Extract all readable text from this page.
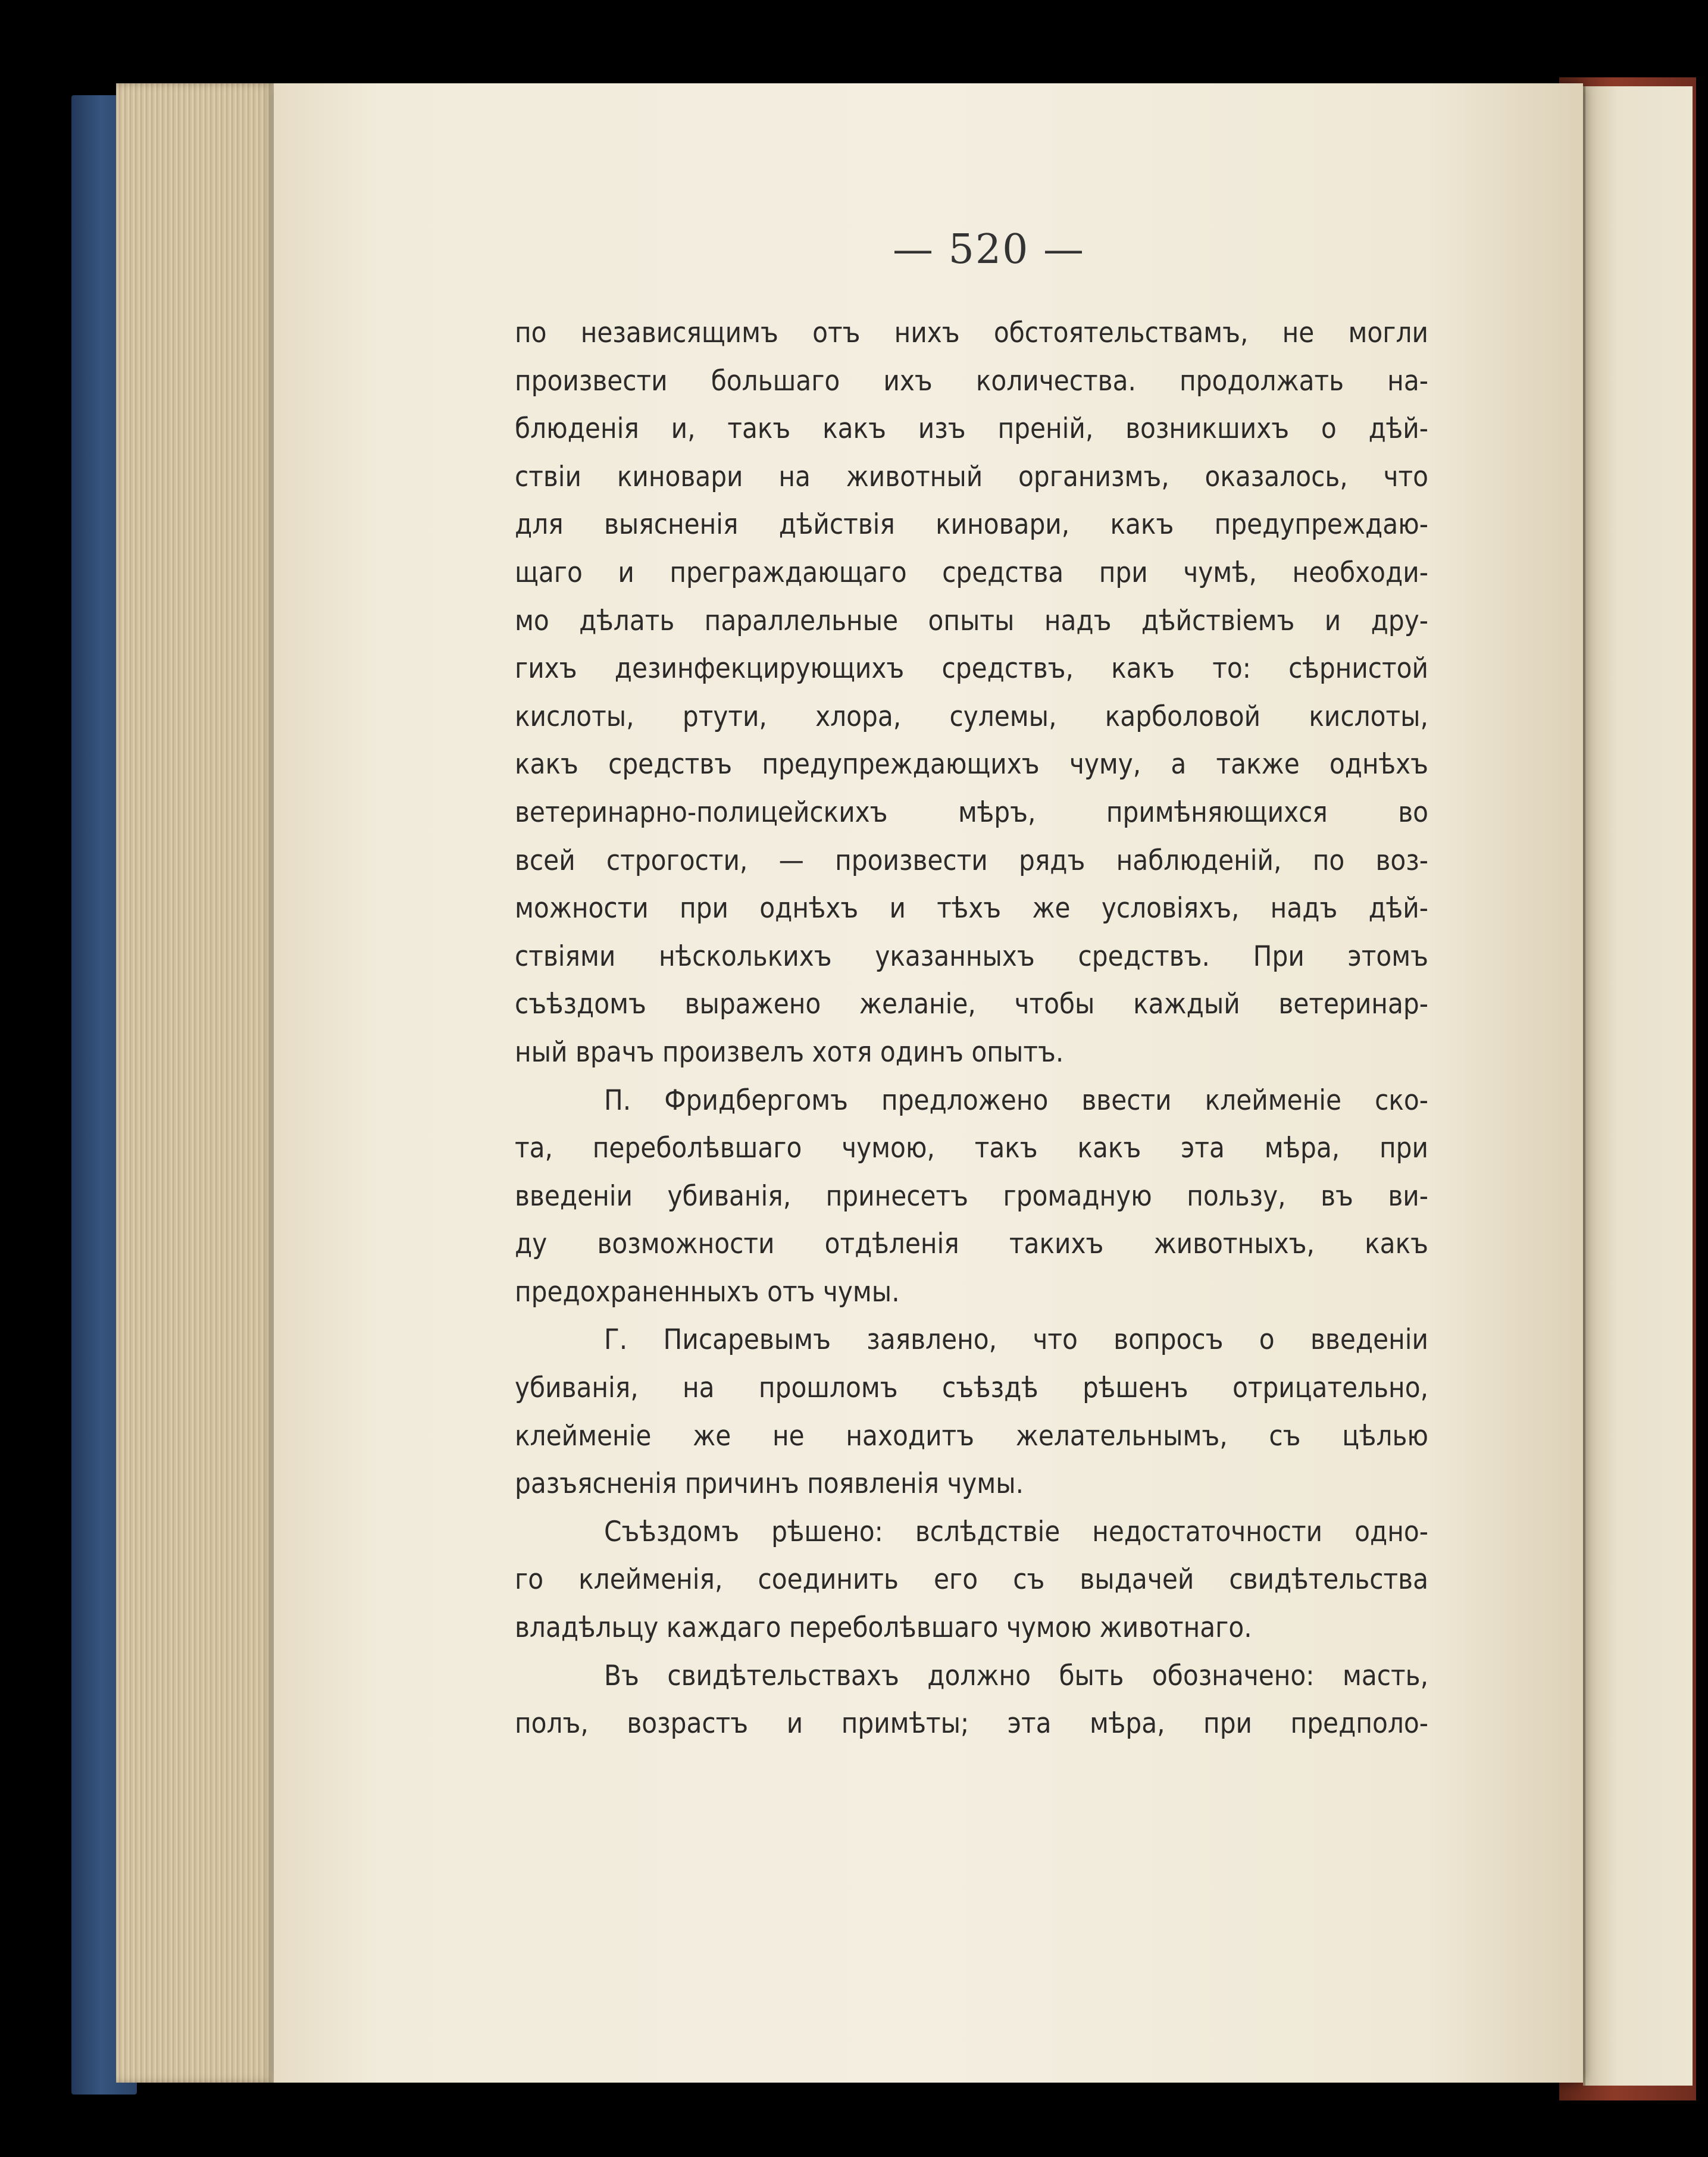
— 520 —
по независящимъ отъ нихъ обстоятельствамъ, не могли
произвести большаго ихъ количества. продолжать на-
блюденія и, такъ какъ изъ преній, возникшихъ о дѣй-
ствіи киновари на животный организмъ, оказалось, что
для выясненія дѣйствія киновари, какъ предупреждаю-
щаго и преграждающаго средства при чумѣ, необходи-
мо дѣлать параллельные опыты надъ дѣйствіемъ и дру-
гихъ дезинфекцирующихъ средствъ, какъ то: сѣрнистой
кислоты, ртути, хлора, сулемы, карболовой кислоты,
какъ средствъ предупреждающихъ чуму, а также однѣхъ
ветеринарно-полицейскихъ мѣръ, примѣняющихся во
всей строгости, — произвести рядъ наблюденій, по воз-
можности при однѣхъ и тѣхъ же условіяхъ, надъ дѣй-
ствіями нѣсколькихъ указанныхъ средствъ. При этомъ
съѣздомъ выражено желаніе, чтобы каждый ветеринар-
ный врачъ произвелъ хотя одинъ опытъ.
П. Фридбергомъ предложено ввести клейменіе ско-
та, переболѣвшаго чумою, такъ какъ эта мѣра, при
введеніи убиванія, принесетъ громадную пользу, въ ви-
ду возможности отдѣленія такихъ животныхъ, какъ
предохраненныхъ отъ чумы.
Г. Писаревымъ заявлено, что вопросъ о введеніи
убиванія, на прошломъ съѣздѣ рѣшенъ отрицательно,
клейменіе же не находитъ желательнымъ, съ цѣлью
разъясненія причинъ появленія чумы.
Съѣздомъ рѣшено: вслѣдствіе недостаточности одно-
го клейменія, соединить его съ выдачей свидѣтельства
владѣльцу каждаго переболѣвшаго чумою животнаго.
Въ свидѣтельствахъ должно быть обозначено: масть,
полъ, возрастъ и примѣты; эта мѣра, при предполо-
